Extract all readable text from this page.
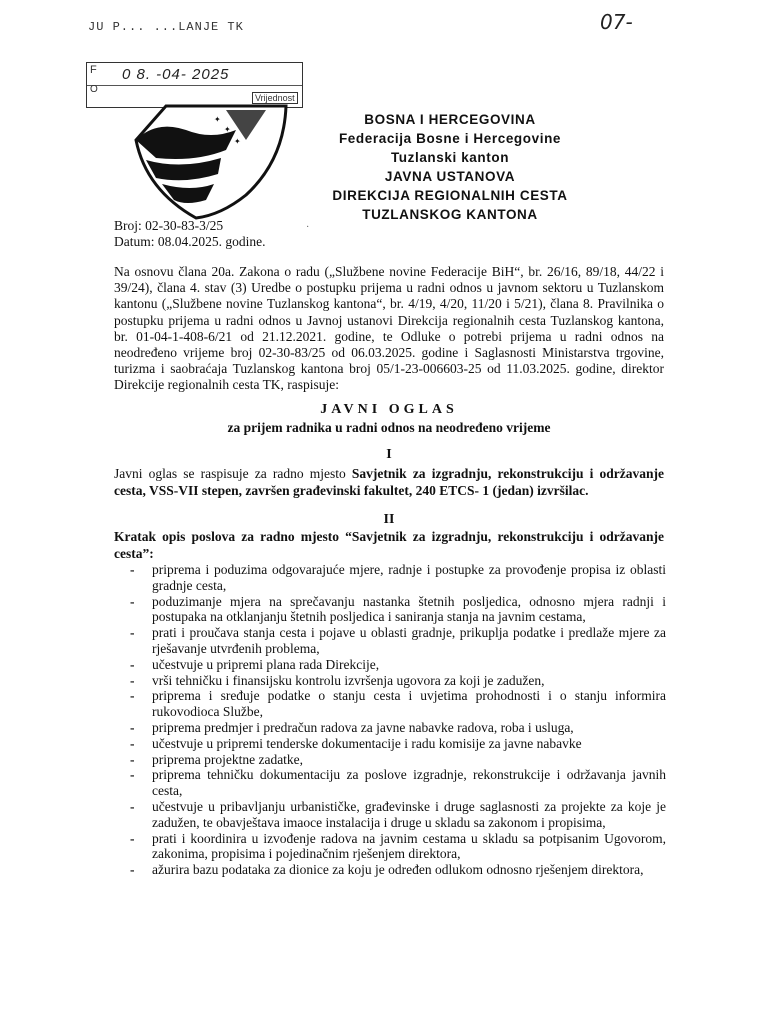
JU P... ...LANJE TK
F
O
0 8. -04- 2025
Vrijednost
07-
✦
✦
✦
BOSNA I HERCEGOVINA
Federacija Bosne i Hercegovine
Tuzlanski kanton
JAVNA USTANOVA
DIREKCIJA REGIONALNIH CESTA
TUZLANSKOG KANTONA
Broj: 02-30-83-3/25
Datum: 08.04.2025. godine.
·
Na osnovu člana 20a. Zakona o radu („Službene novine Federacije BiH“, br. 26/16, 89/18, 44/22 i 39/24), člana 4. stav (3) Uredbe o postupku prijema u radni odnos u javnom sektoru u Tuzlanskom kantonu („Službene novine Tuzlanskog kantona“, br. 4/19, 4/20, 11/20 i 5/21), člana 8. Pravilnika o postupku prijema u radni odnos u Javnoj ustanovi Direkcija regionalnih cesta Tuzlanskog kantona, br. 01-04-1-408-6/21 od 21.12.2021. godine, te Odluke o potrebi prijema u radni odnos na neodređeno vrijeme broj 02-30-83/25 od 06.03.2025. godine i Saglasnosti Ministarstva trgovine, turizma i saobraćaja Tuzlanskog kantona broj 05/1-23-006603-25 od 11.03.2025. godine, direktor Direkcije regionalnih cesta TK, raspisuje:
JAVNI OGLAS
za prijem radnika u radni odnos na neodređeno vrijeme
I
Javni oglas se raspisuje za radno mjesto Savjetnik za izgradnju, rekonstrukciju i održavanje cesta, VSS-VII stepen, završen građevinski fakultet, 240 ETCS- 1 (jedan) izvršilac.
II
Kratak opis poslova za radno mjesto “Savjetnik za izgradnju, rekonstrukciju i održavanje cesta”:
- priprema i poduzima odgovarajuće mjere, radnje i postupke za provođenje propisa iz oblasti gradnje cesta,
- poduzimanje mjera na sprečavanju nastanka štetnih posljedica, odnosno mjera radnji i postupaka na otklanjanju štetnih posljedica i saniranja stanja na javnim cestama,
- prati i proučava stanja cesta i pojave u oblasti gradnje, prikuplja podatke i predlaže mjere za rješavanje utvrđenih problema,
- učestvuje u pripremi plana rada Direkcije,
- vrši tehničku i finansijsku kontrolu izvršenja ugovora za koji je zadužen,
- priprema i sređuje podatke o stanju cesta i uvjetima prohodnosti i o stanju informira rukovodioca Službe,
- priprema predmjer i predračun radova za javne nabavke radova, roba i usluga,
- učestvuje u pripremi tenderske dokumentacije i radu komisije za javne nabavke
- priprema projektne zadatke,
- priprema tehničku dokumentaciju za poslove izgradnje, rekonstrukcije i održavanja javnih cesta,
- učestvuje u pribavljanju urbanističke, građevinske i druge saglasnosti za projekte za koje je zadužen, te obavještava imaoce instalacija i druge u skladu sa zakonom i propisima,
- prati i koordinira u izvođenje radova na javnim cestama u skladu sa potpisanim Ugovorom, zakonima, propisima i pojedinačnim rješenjem direktora,
- ažurira bazu podataka za dionice za koju je određen odlukom odnosno rješenjem direktora,
